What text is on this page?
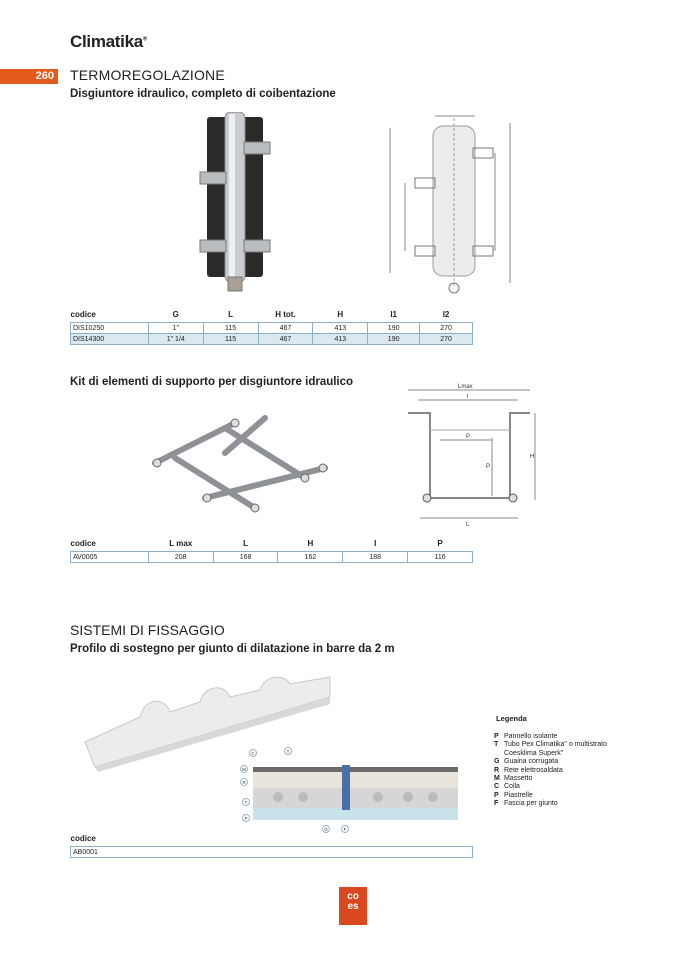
Climatika®
260 TERMOREGOLAZIONE
Disgiuntore idraulico, completo di coibentazione
codice	G	L	H tot.	H	I1	I2
DIS10250	1"	115	467	413	190	270
DIS14300	1" 1/4	115	467	413	190	270
Kit di elementi di supporto per disgiuntore idraulico	Lmax
l
P
P
H
L
codice	L max	L	H	I	P
AV0005	208	168	162	188	116
SISTEMI DI FISSAGGIO
Profilo di sostegno per giunto di dilatazione in barre da 2 m
C	T
M
R
T
P
G	F
Legenda
P Pannello isolante
T Tubo Pex Climatika" o multistrato Coesklima Superk"
G Guaina corrugata
R Rete elettrosaldata
M Massetto
C Colla
P Piastrelle
F Fascia per giunto
codice
AB0001
co
es
